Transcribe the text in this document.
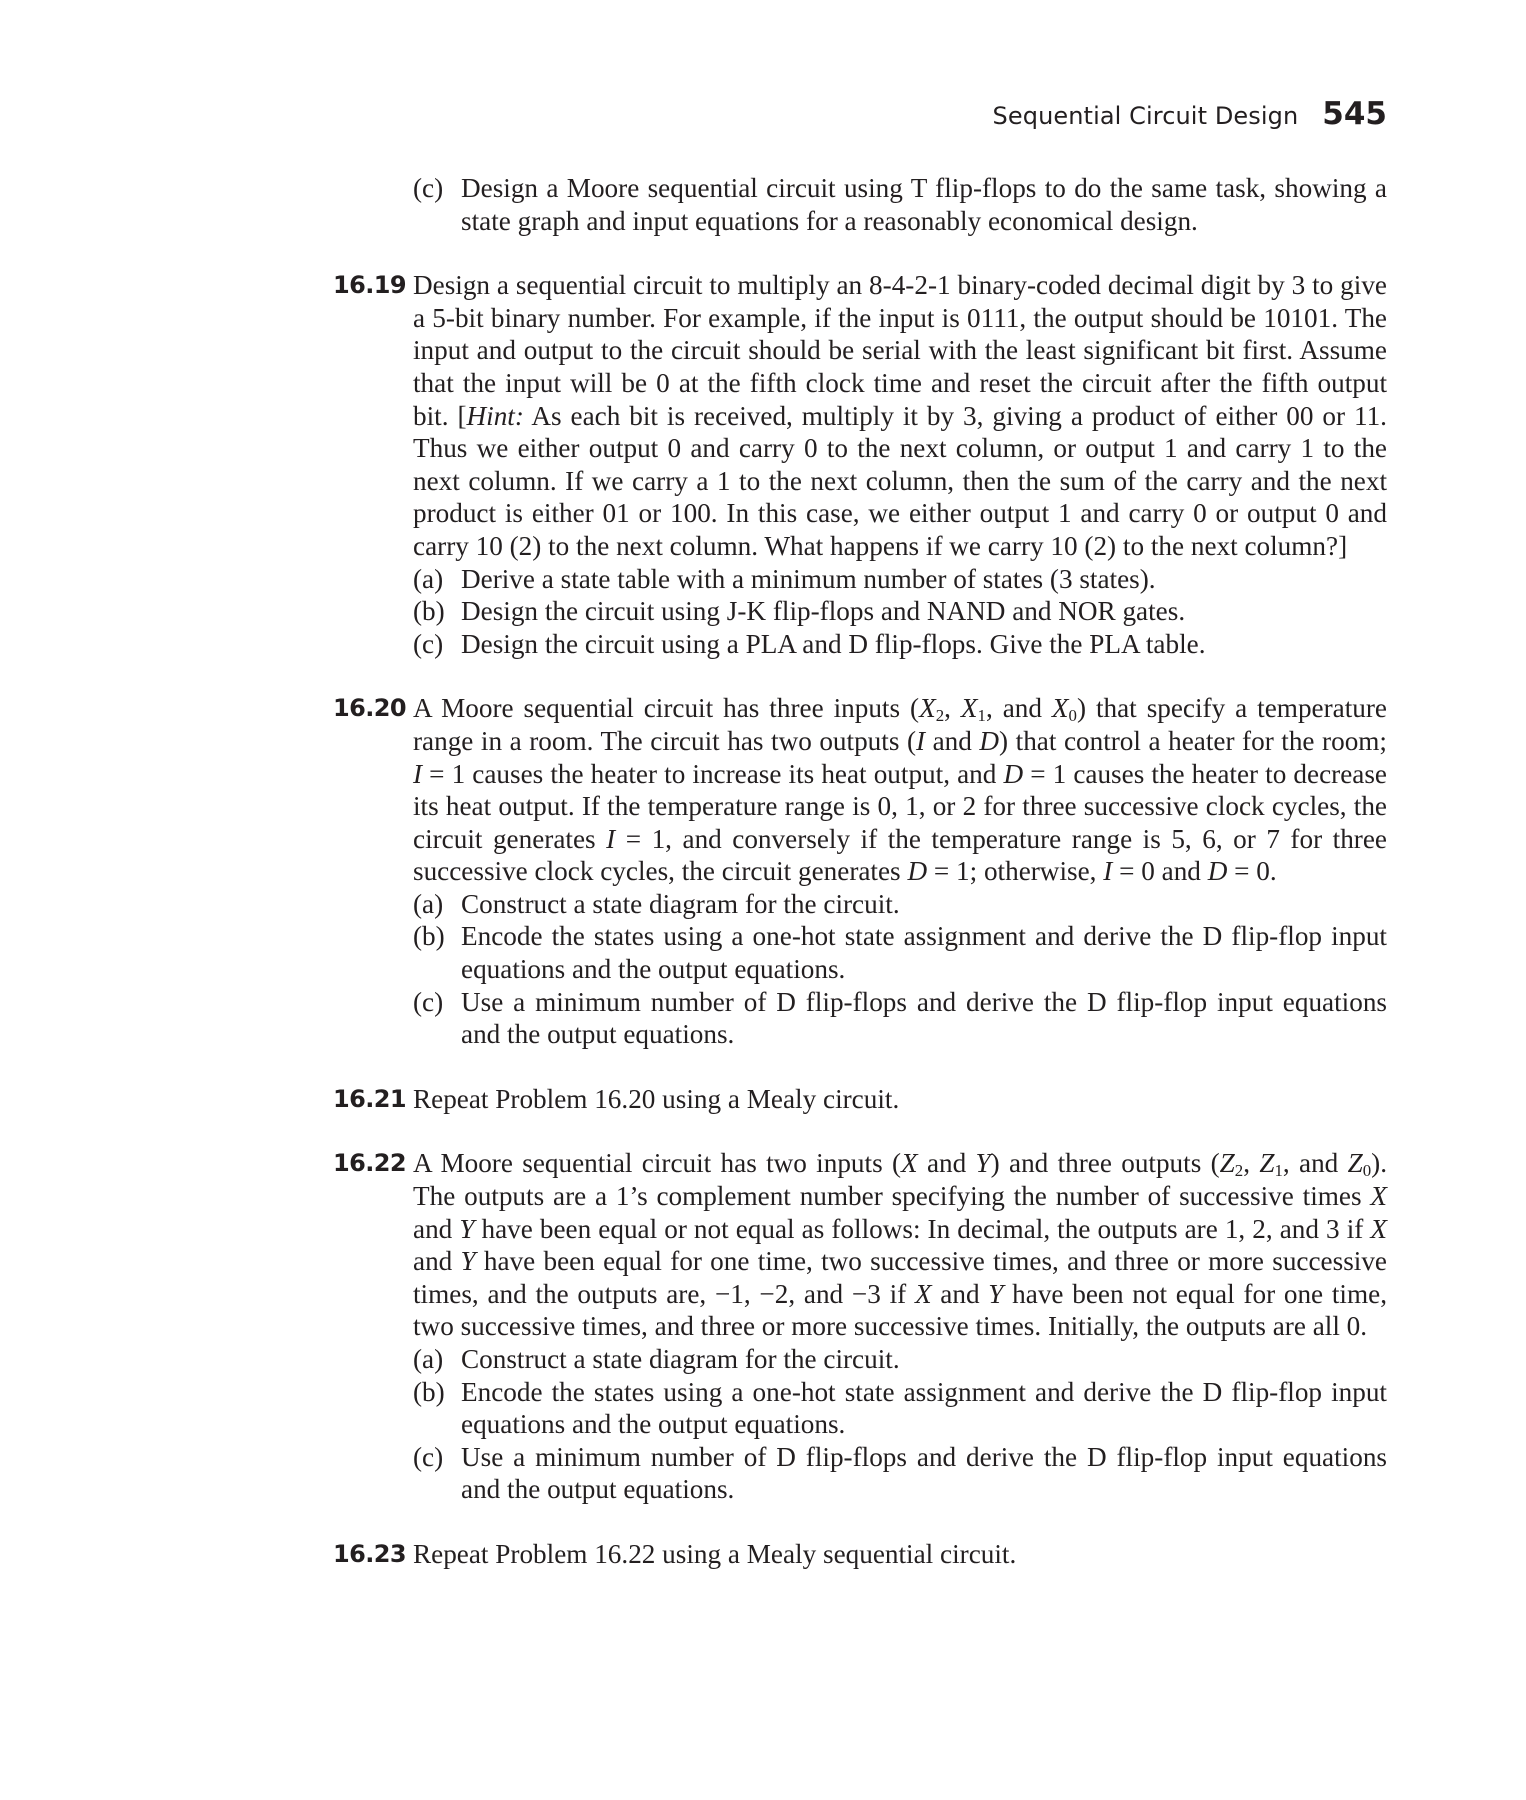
Sequential Circuit Design 545
(c) Design a Moore sequential circuit using T flip-flops to do the same task, showing a state graph and input equations for a reasonably economical design.
16.19 Design a sequential circuit to multiply an 8-4-2-1 binary-coded decimal digit by 3 to give a 5-bit binary number. For example, if the input is 0111, the output should be 10101. The input and output to the circuit should be serial with the least significant bit first. Assume that the input will be 0 at the fifth clock time and reset the circuit after the fifth output bit. [Hint: As each bit is received, multiply it by 3, giving a product of either 00 or 11. Thus we either output 0 and carry 0 to the next column, or output 1 and carry 1 to the next column. If we carry a 1 to the next column, then the sum of the carry and the next product is either 01 or 100. In this case, we either output 1 and carry 0 or output 0 and carry 10 (2) to the next column. What happens if we carry 10 (2) to the next column?]
(a) Derive a state table with a minimum number of states (3 states).
(b) Design the circuit using J-K flip-flops and NAND and NOR gates.
(c) Design the circuit using a PLA and D flip-flops. Give the PLA table.
16.20 A Moore sequential circuit has three inputs ($X_2$, $X_1$, and $X_0$) that specify a temperature range in a room. The circuit has two outputs (I and D) that control a heater for the room; I = 1 causes the heater to increase its heat output, and D = 1 causes the heater to decrease its heat output. If the temperature range is 0, 1, or 2 for three successive clock cycles, the circuit generates I = 1, and conversely if the temperature range is 5, 6, or 7 for three successive clock cycles, the circuit generates D = 1; otherwise, I = 0 and D = 0.
(a) Construct a state diagram for the circuit.
(b) Encode the states using a one-hot state assignment and derive the D flip-flop input equations and the output equations.
(c) Use a minimum number of D flip-flops and derive the D flip-flop input equations and the output equations.
16.21 Repeat Problem 16.20 using a Mealy circuit.
16.22 A Moore sequential circuit has two inputs (X and Y) and three outputs ($Z_2$, $Z_1$, and $Z_0$). The outputs are a 1’s complement number specifying the number of successive times X and Y have been equal or not equal as follows: In decimal, the outputs are 1, 2, and 3 if X and Y have been equal for one time, two successive times, and three or more successive times, and the outputs are, −1, −2, and −3 if X and Y have been not equal for one time, two successive times, and three or more successive times. Initially, the outputs are all 0.
(a) Construct a state diagram for the circuit.
(b) Encode the states using a one-hot state assignment and derive the D flip-flop input equations and the output equations.
(c) Use a minimum number of D flip-flops and derive the D flip-flop input equations and the output equations.
16.23 Repeat Problem 16.22 using a Mealy sequential circuit.
